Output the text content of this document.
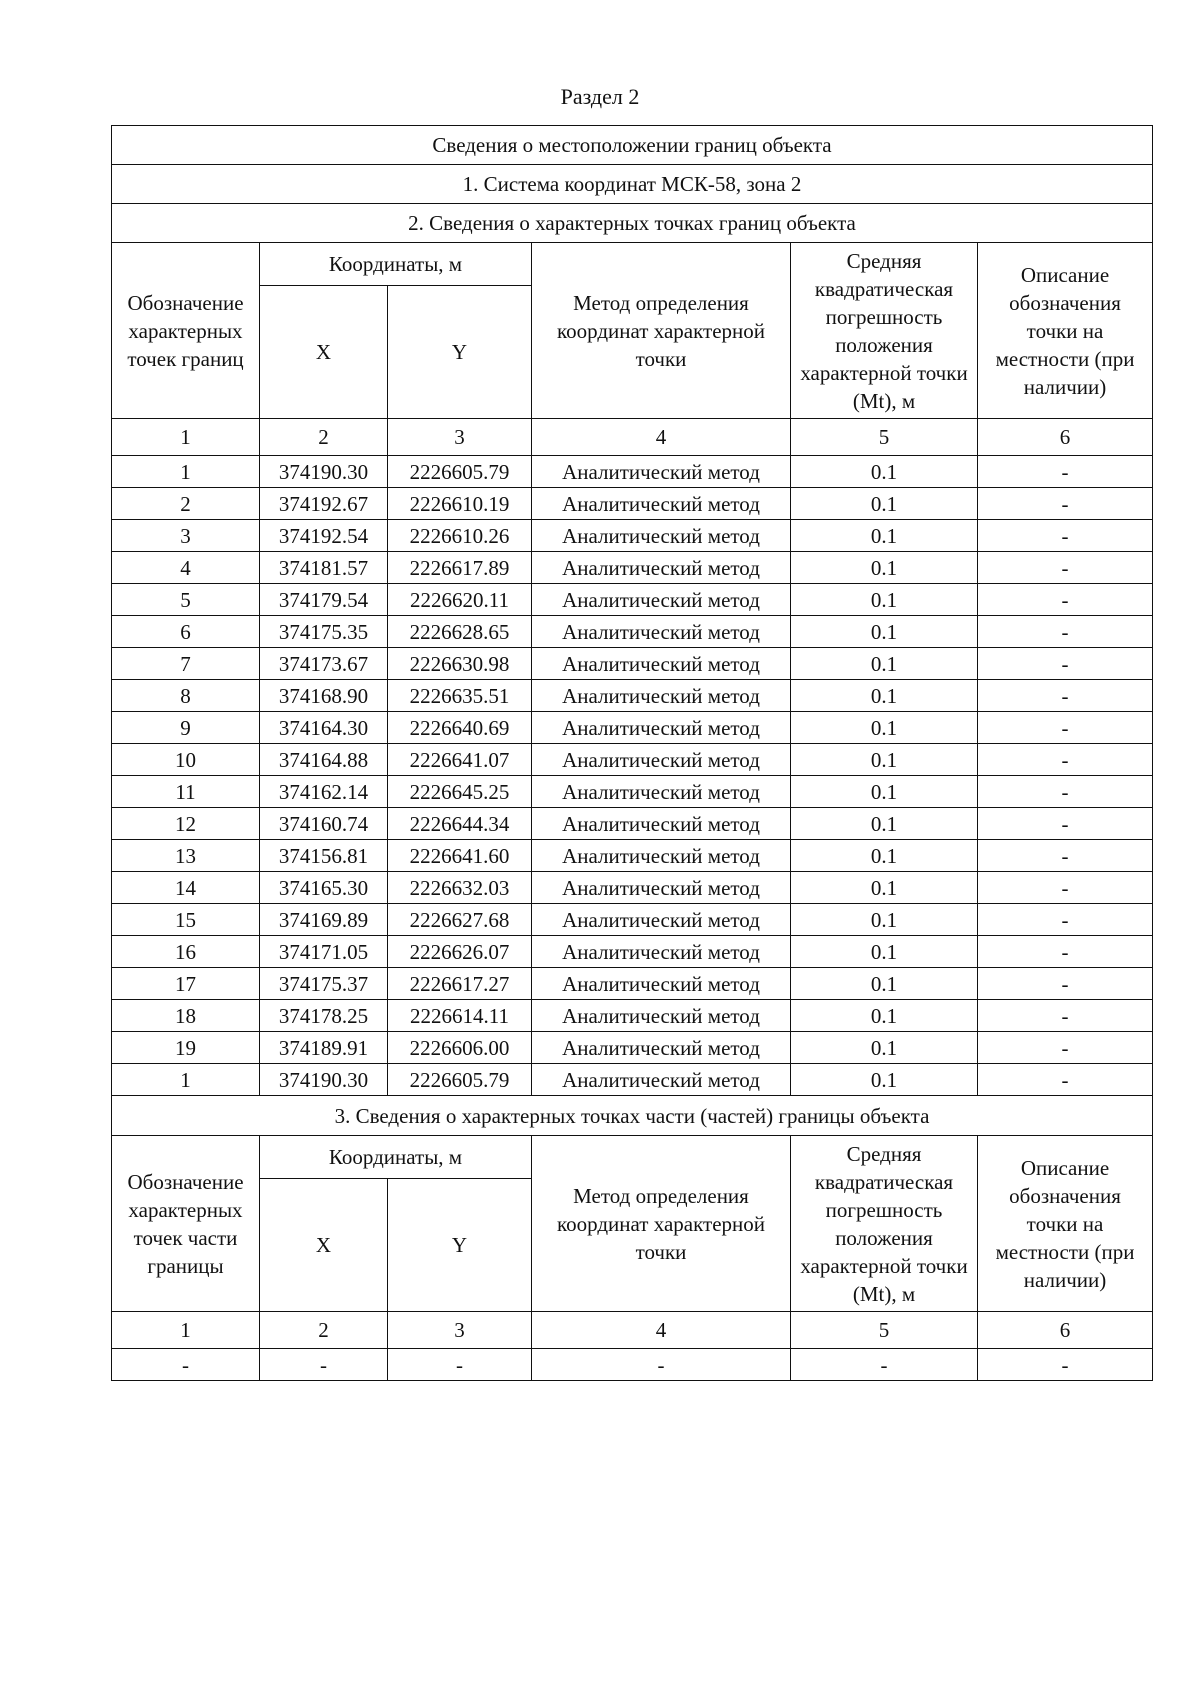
Раздел 2
Сведения о местоположении границ объекта					
1. Система координат МСК-58, зона 2					
2. Сведения о характерных точках границ объекта					
Обозначение характерных точек границ	Координаты, м		Метод определения координат характерной точки	Средняя квадратическая погрешность положения характерной точки (Mt), м	Описание обозначения точки на местности (при наличии)
	X	Y			
1	2	3	4	5	6
1	374190.30	2226605.79	Аналитический метод	0.1	-
2	374192.67	2226610.19	Аналитический метод	0.1	-
3	374192.54	2226610.26	Аналитический метод	0.1	-
4	374181.57	2226617.89	Аналитический метод	0.1	-
5	374179.54	2226620.11	Аналитический метод	0.1	-
6	374175.35	2226628.65	Аналитический метод	0.1	-
7	374173.67	2226630.98	Аналитический метод	0.1	-
8	374168.90	2226635.51	Аналитический метод	0.1	-
9	374164.30	2226640.69	Аналитический метод	0.1	-
10	374164.88	2226641.07	Аналитический метод	0.1	-
11	374162.14	2226645.25	Аналитический метод	0.1	-
12	374160.74	2226644.34	Аналитический метод	0.1	-
13	374156.81	2226641.60	Аналитический метод	0.1	-
14	374165.30	2226632.03	Аналитический метод	0.1	-
15	374169.89	2226627.68	Аналитический метод	0.1	-
16	374171.05	2226626.07	Аналитический метод	0.1	-
17	374175.37	2226617.27	Аналитический метод	0.1	-
18	374178.25	2226614.11	Аналитический метод	0.1	-
19	374189.91	2226606.00	Аналитический метод	0.1	-
1	374190.30	2226605.79	Аналитический метод	0.1	-
3. Сведения о характерных точках части (частей) границы объекта					
Обозначение характерных точек части границы	Координаты, м		Метод определения координат характерной точки	Средняя квадратическая погрешность положения характерной точки (Mt), м	Описание обозначения точки на местности (при наличии)
	X	Y			
1	2	3	4	5	6
-	-	-	-	-	-
